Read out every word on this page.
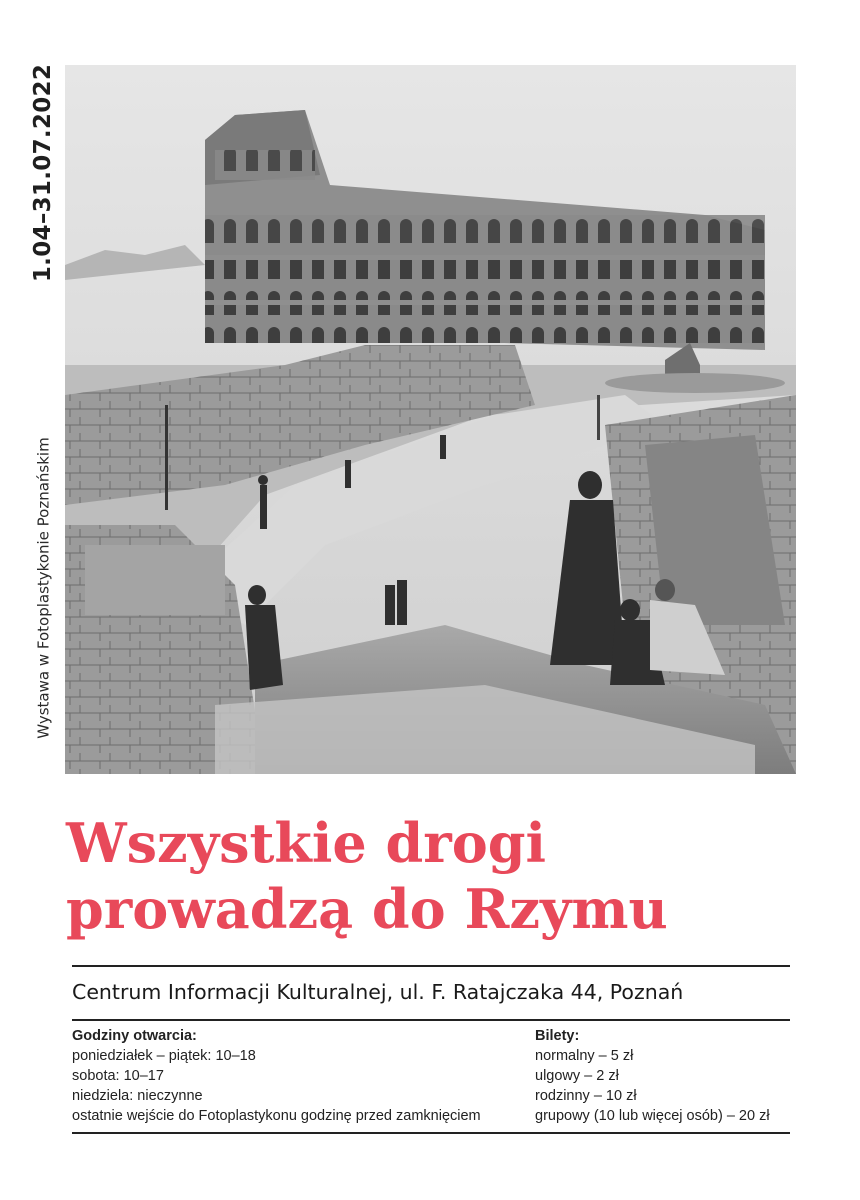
1.04–31.07.2022
Wystawa w Fotoplastykonie Poznańskim
Wszystkie drogi
prowadzą do Rzymu
Centrum Informacji Kulturalnej, ul. F. Ratajczaka 44, Poznań
Godziny otwarcia:
poniedziałek – piątek: 10–18
sobota: 10–17
niedziela: nieczynne
ostatnie wejście do Fotoplastykonu godzinę przed zamknięciem
Bilety:
normalny – 5 zł
ulgowy – 2 zł
rodzinny – 10 zł
grupowy (10 lub więcej osób) – 20 zł
